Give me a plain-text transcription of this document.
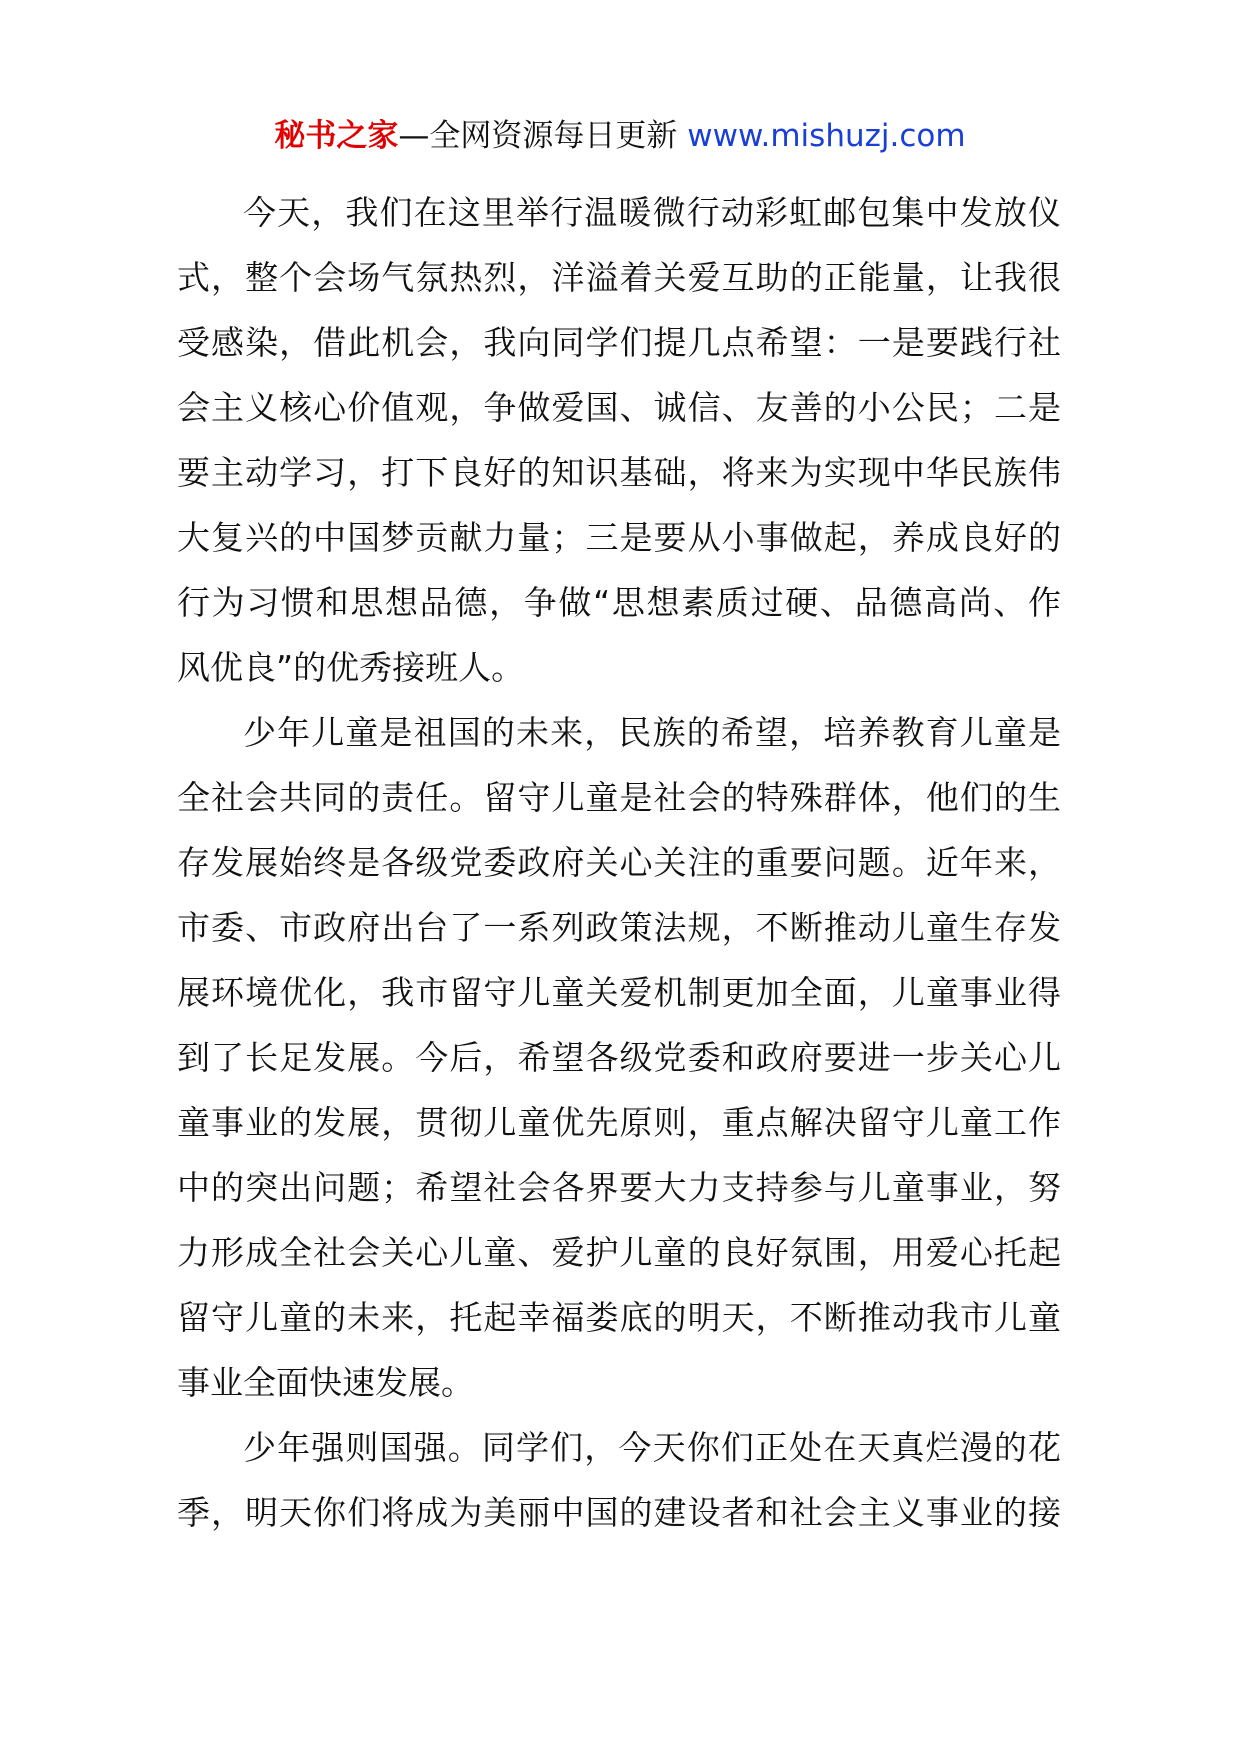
秘书之家—全网资源每日更新 www.mishuzj.com
今天，我们在这里举行温暖微行动彩虹邮包集中发放仪
式，整个会场气氛热烈，洋溢着关爱互助的正能量，让我很
受感染，借此机会，我向同学们提几点希望：一是要践行社
会主义核心价值观，争做爱国、诚信、友善的小公民；二是
要主动学习，打下良好的知识基础，将来为实现中华民族伟
大复兴的中国梦贡献力量；三是要从小事做起，养成良好的
行为习惯和思想品德，争做“思想素质过硬、品德高尚、作
风优良”的优秀接班人。
少年儿童是祖国的未来，民族的希望，培养教育儿童是
全社会共同的责任。留守儿童是社会的特殊群体，他们的生
存发展始终是各级党委政府关心关注的重要问题。近年来，
市委、市政府出台了一系列政策法规，不断推动儿童生存发
展环境优化，我市留守儿童关爱机制更加全面，儿童事业得
到了长足发展。今后，希望各级党委和政府要进一步关心儿
童事业的发展，贯彻儿童优先原则，重点解决留守儿童工作
中的突出问题；希望社会各界要大力支持参与儿童事业，努
力形成全社会关心儿童、爱护儿童的良好氛围，用爱心托起
留守儿童的未来，托起幸福娄底的明天，不断推动我市儿童
事业全面快速发展。
少年强则国强。同学们，今天你们正处在天真烂漫的花
季，明天你们将成为美丽中国的建设者和社会主义事业的接
